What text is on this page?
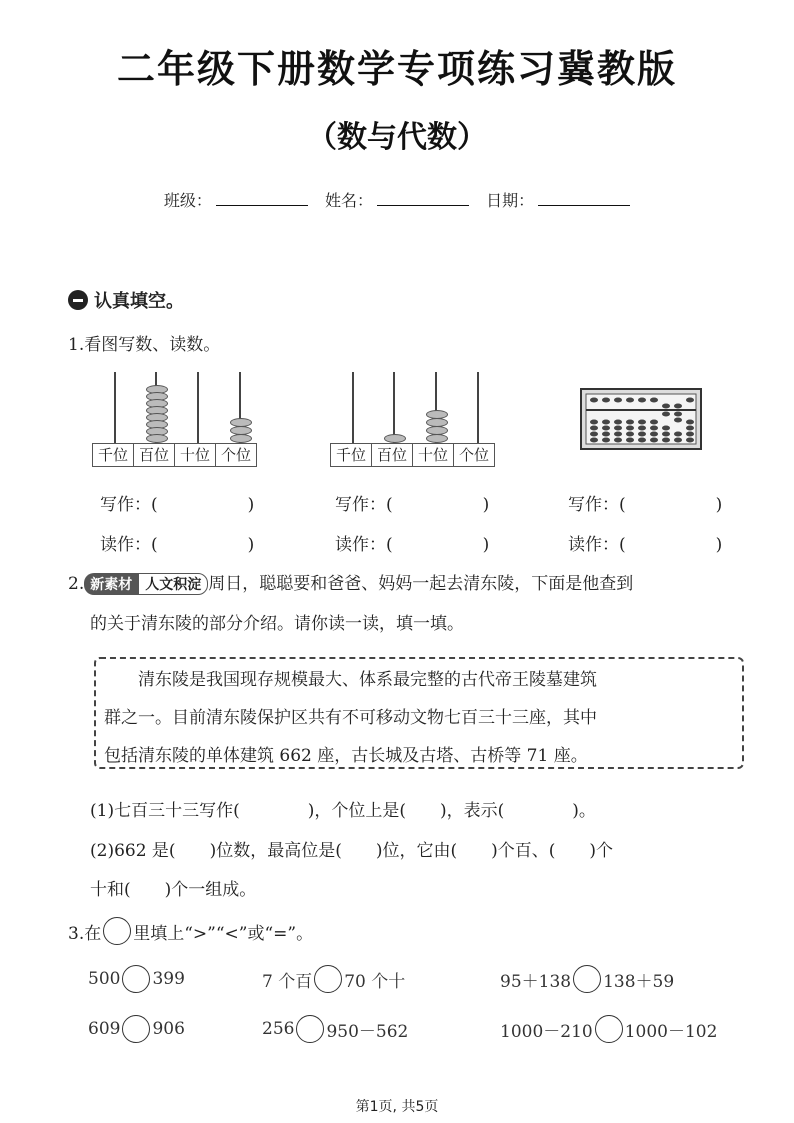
二年级下册数学专项练习冀教版
（数与代数）
班级：	姓名：	日期：
认真填空。
1.看图写数、读数。
千位 百位 十位 个位	千位 百位 十位 个位
写作：(	)	写作：(	)	写作：(	)
读作：(	)	读作：(	)	读作：(	)
2. 新素材 人文积淀 周日，聪聪要和爸爸、妈妈一起去清东陵，下面是他查到
的关于清东陵的部分介绍。请你读一读，填一填。
清东陵是我国现存规模最大、体系最完整的古代帝王陵墓建筑
群之一。目前清东陵保护区共有不可移动文物七百三十三座，其中
包括清东陵的单体建筑 662 座，古长城及古塔、古桥等 71 座。
(1)七百三十三写作(　　　　)，个位上是(　　)，表示(　　　　)。
(2)662 是(　　)位数，最高位是(　　)位，它由(　　)个百、(　　)个
十和(　　)个一组成。
3.在 里填上“>”“<”或“=”。
500 399	7 个百 70 个十	95＋138 138＋59
609 906	256 950－562	1000－210 1000－102
第1页, 共5页
